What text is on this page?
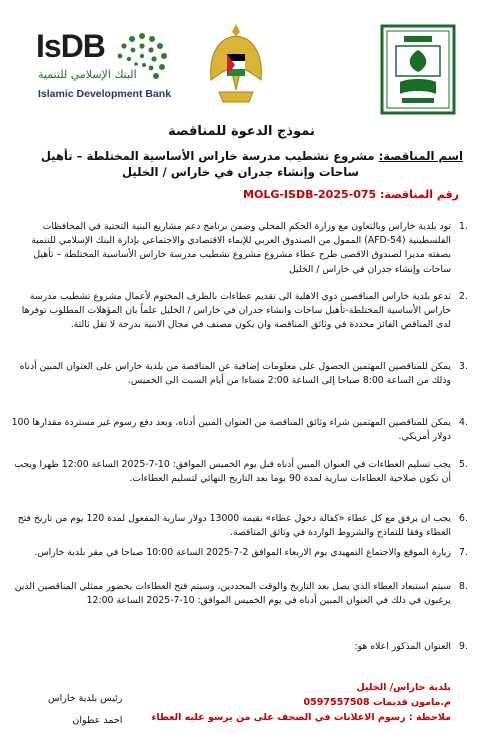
IsDB
البنك الإسلامي للتنمية
Islamic Development Bank
نموذج الدعوة للمناقصة
اسم المناقصة: مشروع تشطيب مدرسة خاراس الأساسية المختلطة – تأهيل
ساحات وإنشاء جدران في خاراس / الخليل
رقم المناقصة: MOLG-ISDB-2025-075
1.
تود بلدية خاراس وبالتعاون مع وزارة الحكم المحلي وضمن برنامج دعم مشاريع البنية التحتية في المحافظات الفلسطينية (AFD-54) الممول من الصندوق العربي للإنماء الاقتصادي والاجتماعي بإدارة البنك الإسلامي للتنمية بصفته مديرا لصندوق الاقصى طرح عطاء مشروع مشروع تشطيب مدرسة خاراس الأساسية المختلطة – تأهيل ساحات وإنشاء جدران في خاراس / الخليل
2.
تدعو بلدية خاراس المناقصين ذوي الاهلية الى تقديم عطاءات بالظرف المختوم لأعمال مشروع تشطيب مدرسة خاراس الأساسية المختلطة-تأهيل ساحات وانشاء جدران في خاراس / الخليل علماً بان المؤهلات المطلوب توفرها لدى المناقص الفائز محددة في وثائق المناقصة وان يكون مصنف في مجال الابنية بدرجة لا تقل ثالثة.
3.
يمكن للمناقصين المهتمين الحصول على معلومات إضافية عن المناقصة من بلدية خاراس على العنوان المبين أدناه وذلك من الساعة 8:00 صباحا إلى الساعة 2:00 مساءا من أيام السبت الى الخميس.
4.
يمكن للمناقصين المهتمين شراء وثائق المناقصة من العنوان المبين أدناه، وبعد دفع رسوم غير مستردة مقدارها 100 دولار أمريكي.
5.
يجب تسليم العطاءات في العنوان المبين أدناه قبل يوم الخميس الموافق: 10-7-2025 الساعة 12:00 ظهرا ويجب أن تكون صلاحية العطاءات سارية لمدة 90 يوما بعد التاريخ النهائي لتسليم العطاءات.
6.
يجب ان يرفق مع كل عطاء «كفالة دخول عطاء» بقيمة 13000 دولار سارية المفعول لمدة 120 يوم من تاريخ فتح العطاء وفقا للنماذج والشروط الواردة في وثائق المناقصة.
7.
زيارة الموقع والاجتماع التمهيدي يوم الاربعاء الموافق 2-7-2025 الساعة 10:00 صباحا في مقر بلدية خاراس.
8.
سيتم استبعاد العطاء الذي يصل بعد التاريخ والوقت المحددين، وسيتم فتح العطاءات بحضور ممثلي المناقصين الذين يرغبون في ذلك في العنوان المبين أدناه في يوم الخميس الموافق: 10-7-2025 الساعة 12:00
9.
العنوان المذكور اعلاه هو:
بلدية خاراس/ الخليل
م.مامون قديمات 0597557508
ملاحظة : رسوم الاعلانات في الصحف على من يرسو عليه العطاء
رئيس بلدية خاراس
احمد عطوان
